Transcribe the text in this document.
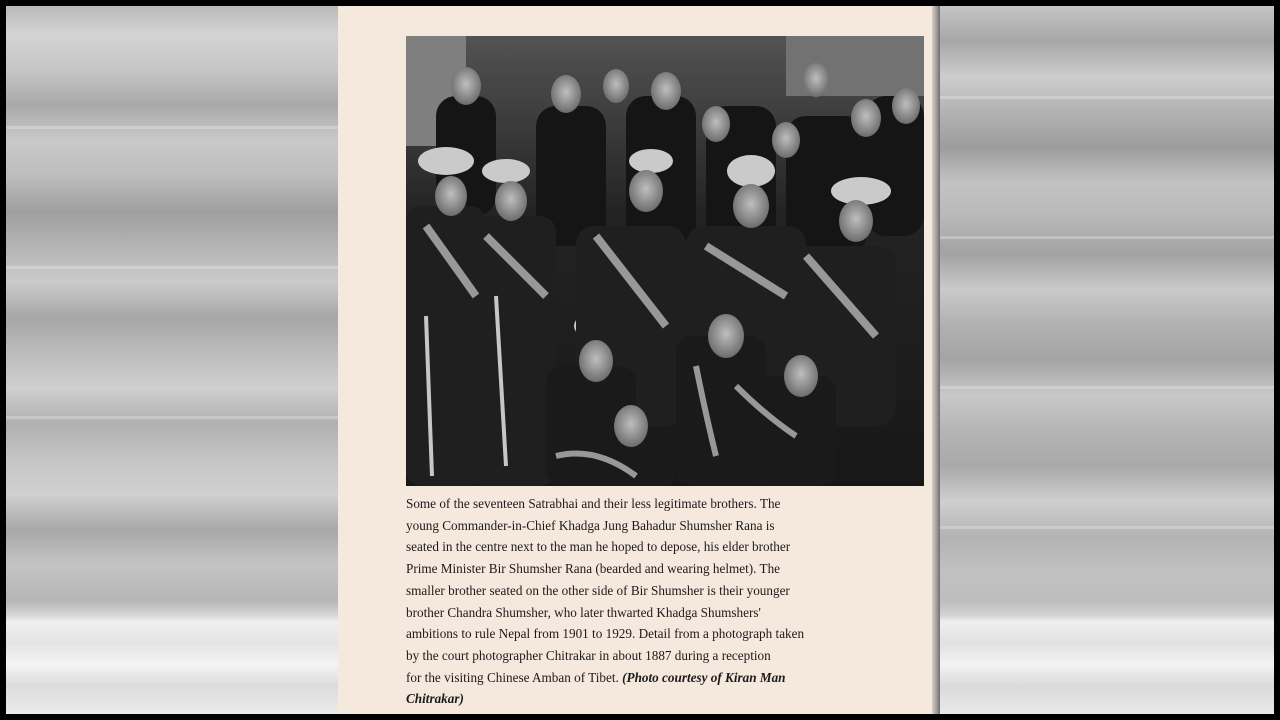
Some of the seventeen Satrabhai and their less legitimate brothers. The
young Commander-in-Chief Khadga Jung Bahadur Shumsher Rana is
seated in the centre next to the man he hoped to depose, his elder brother
Prime Minister Bir Shumsher Rana (bearded and wearing helmet). The
smaller brother seated on the other side of Bir Shumsher is their younger
brother Chandra Shumsher, who later thwarted Khadga Shumshers'
ambitions to rule Nepal from 1901 to 1929. Detail from a photograph taken
by the court photographer Chitrakar in about 1887 during a reception
for the visiting Chinese Amban of Tibet. (Photo courtesy of Kiran Man
Chitrakar)
